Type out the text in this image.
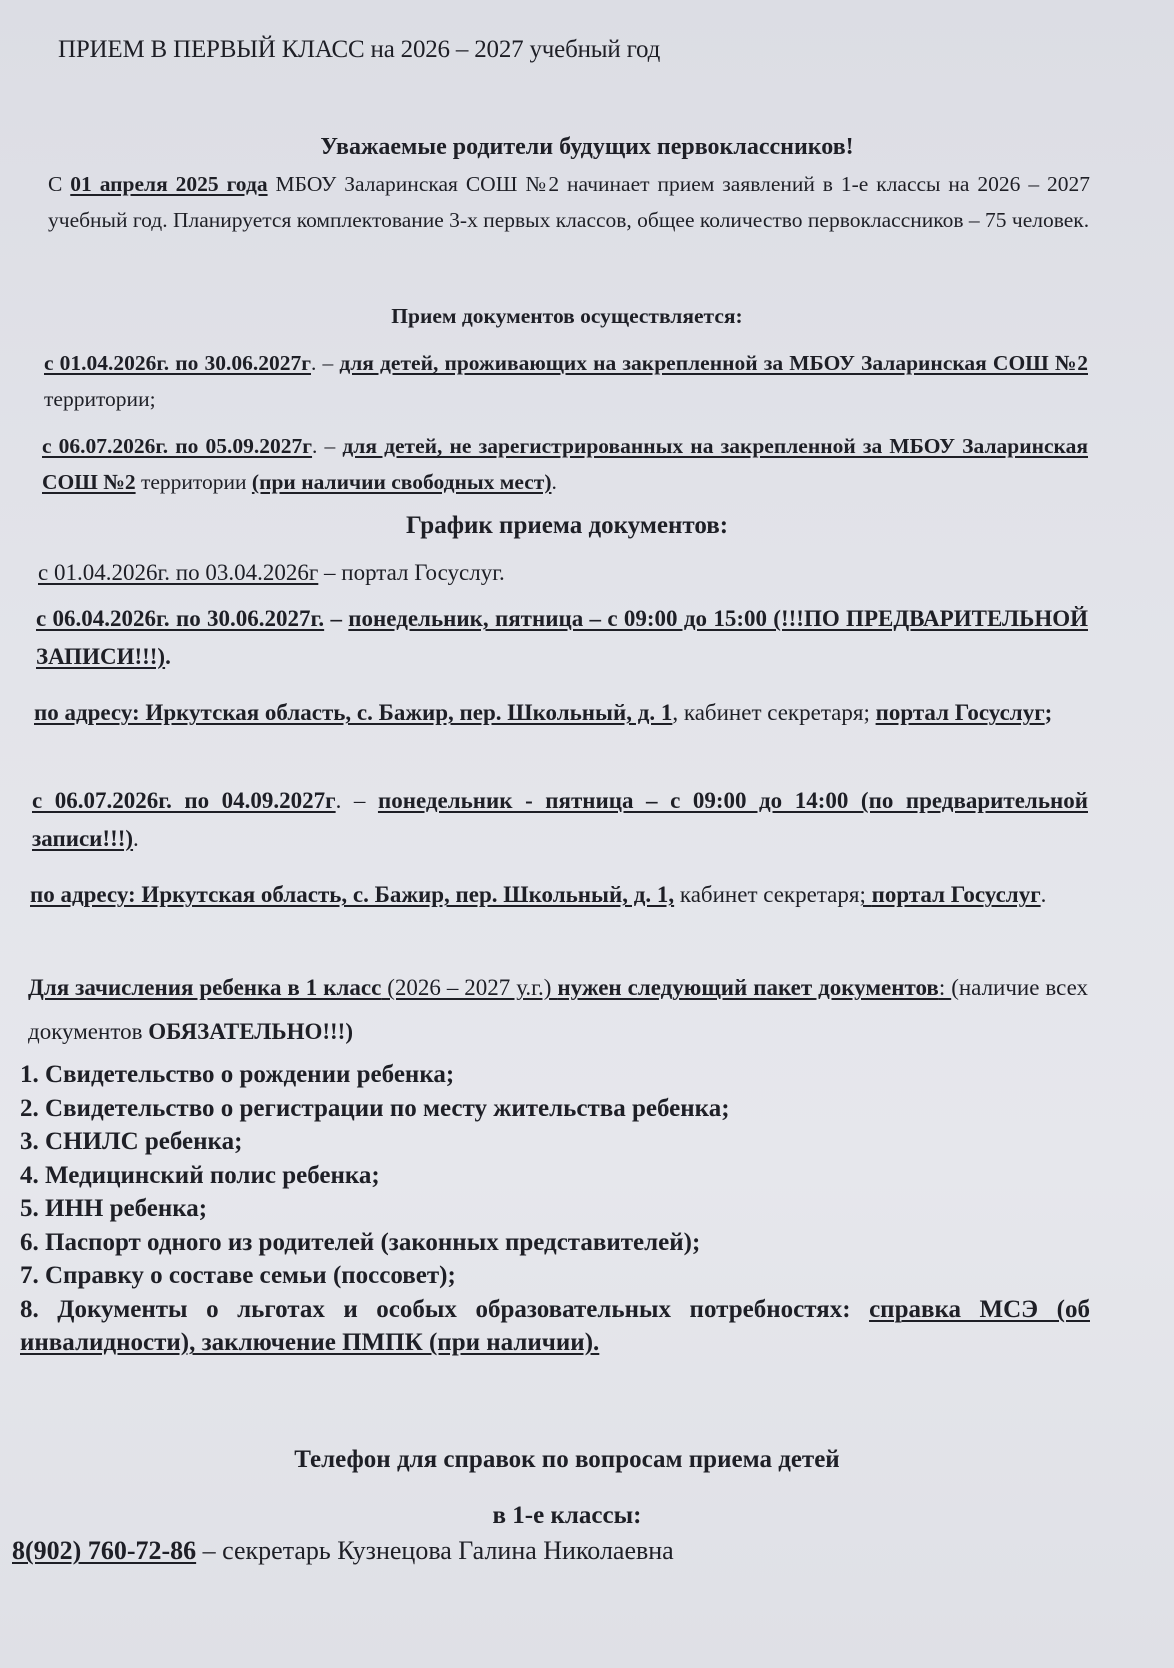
ПРИЕМ В ПЕРВЫЙ КЛАСС на 2026 – 2027 учебный год
Уважаемые родители будущих первоклассников!
С 01 апреля 2025 года МБОУ Заларинская СОШ №2 начинает прием заявлений в 1-е классы на 2026 – 2027 учебный год. Планируется комплектование 3-х первых классов, общее количество первоклассников – 75 человек.
Прием документов осуществляется:
с 01.04.2026г. по 30.06.2027г. – для детей, проживающих на закрепленной за МБОУ Заларинская СОШ №2 территории;
с 06.07.2026г. по 05.09.2027г. – для детей, не зарегистрированных на закрепленной за МБОУ Заларинская СОШ №2 территории (при наличии свободных мест).
График приема документов:
с 01.04.2026г. по 03.04.2026г – портал Госуслуг.
с 06.04.2026г. по 30.06.2027г. – понедельник, пятница – с 09:00 до 15:00 (!!!ПО ПРЕДВАРИТЕЛЬНОЙ ЗАПИСИ!!!).
по адресу: Иркутская область, с. Бажир, пер. Школьный, д. 1, кабинет секретаря; портал Госуслуг;
с 06.07.2026г. по 04.09.2027г. – понедельник - пятница – с 09:00 до 14:00 (по предварительной записи!!!).
по адресу: Иркутская область, с. Бажир, пер. Школьный, д. 1, кабинет секретаря; портал Госуслуг.
Для зачисления ребенка в 1 класс (2026 – 2027 у.г.) нужен следующий пакет документов: (наличие всех документов ОБЯЗАТЕЛЬНО!!!)
1. Свидетельство о рождении ребенка;
2. Свидетельство о регистрации по месту жительства ребенка;
3. СНИЛС ребенка;
4. Медицинский полис ребенка;
5. ИНН ребенка;
6. Паспорт одного из родителей (законных представителей);
7. Справку о составе семьи (поссовет);
8. Документы о льготах и особых образовательных потребностях: справка МСЭ (об инвалидности), заключение ПМПК (при наличии).
Телефон для справок по вопросам приема детей
в 1-е классы:
8(902) 760-72-86 – секретарь Кузнецова Галина Николаевна
